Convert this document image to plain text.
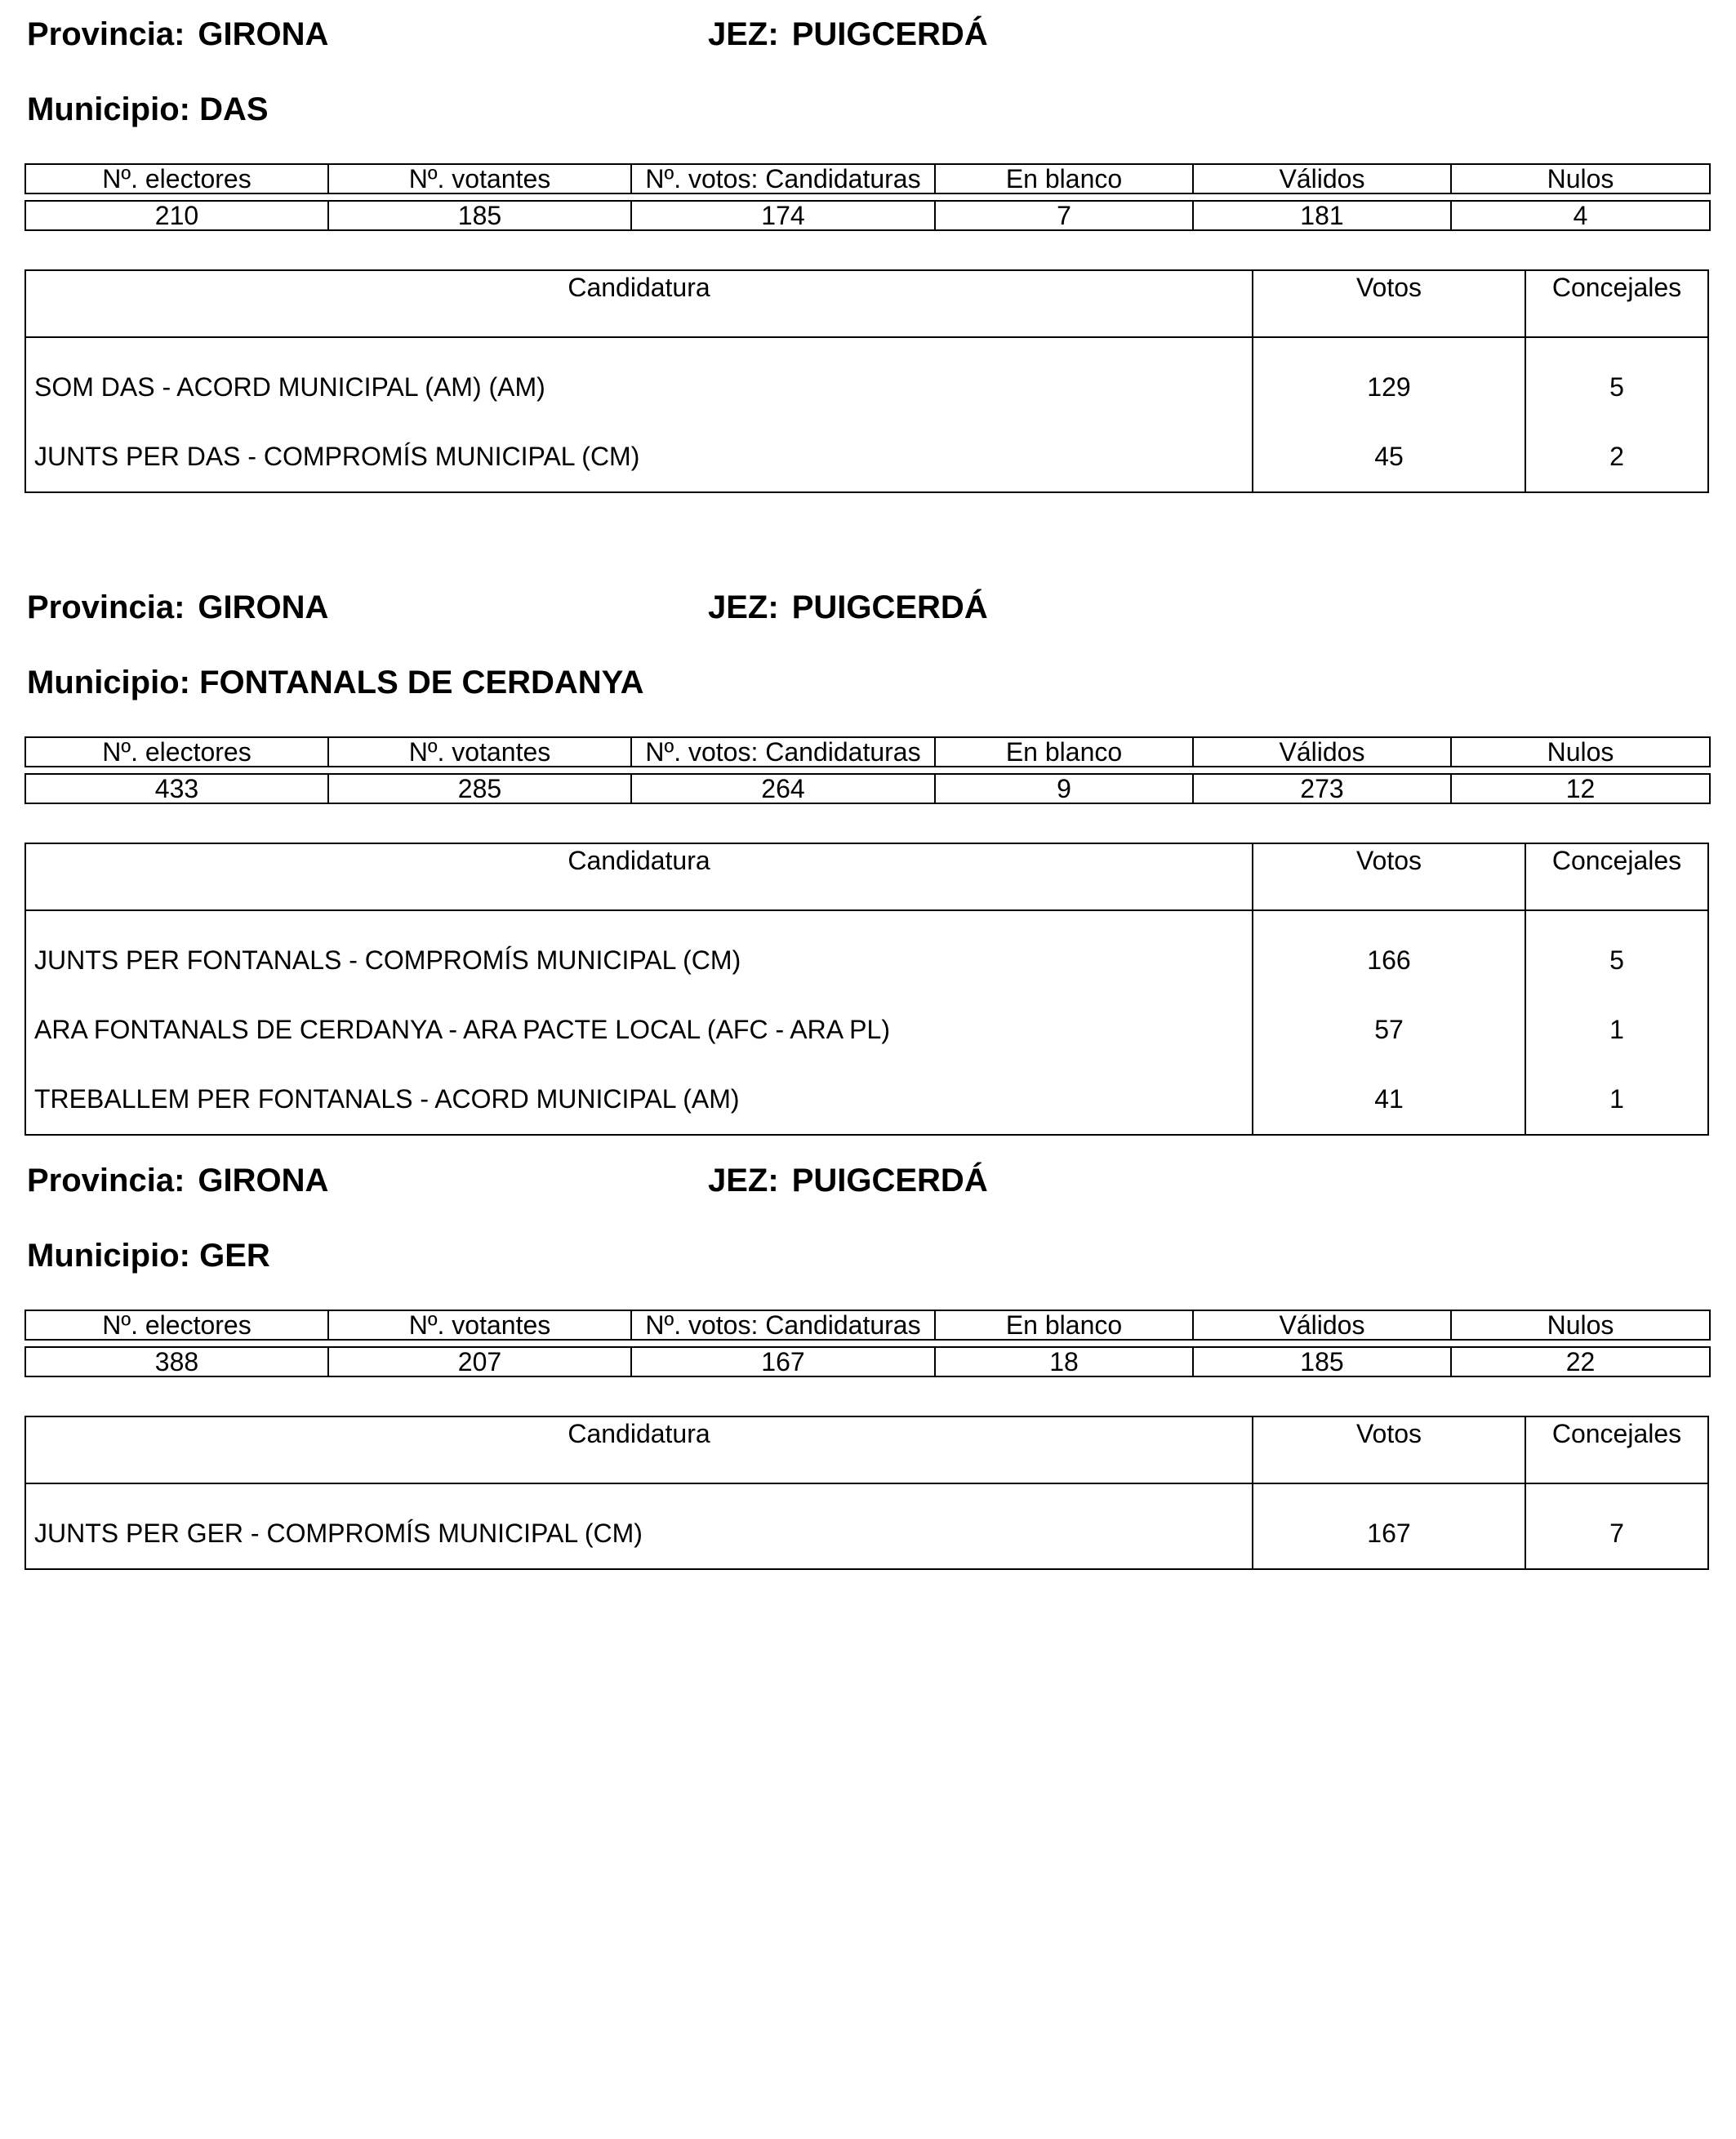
Provincia: GIRONA	JEZ: PUIGCERDÁ
Municipio: DAS
Nº. electores	Nº. votantes	Nº. votos: Candidaturas	En blanco	Válidos	Nulos

210	185	174	7	181	4
Candidatura	Votos	Concejales
SOM DAS - ACORD MUNICIPAL (AM) (AM)	129	5
JUNTS PER DAS - COMPROMÍS MUNICIPAL (CM)	45	2
Provincia: GIRONA	JEZ: PUIGCERDÁ
Municipio: FONTANALS DE CERDANYA
Nº. electores	Nº. votantes	Nº. votos: Candidaturas	En blanco	Válidos	Nulos

433	285	264	9	273	12
Candidatura	Votos	Concejales
JUNTS PER FONTANALS - COMPROMÍS MUNICIPAL (CM)	166	5
ARA FONTANALS DE CERDANYA - ARA PACTE LOCAL (AFC - ARA PL)	57	1
TREBALLEM PER FONTANALS - ACORD MUNICIPAL (AM)	41	1
Provincia: GIRONA	JEZ: PUIGCERDÁ
Municipio: GER
Nº. electores	Nº. votantes	Nº. votos: Candidaturas	En blanco	Válidos	Nulos

388	207	167	18	185	22
Candidatura	Votos	Concejales
JUNTS PER GER - COMPROMÍS MUNICIPAL (CM)	167	7
